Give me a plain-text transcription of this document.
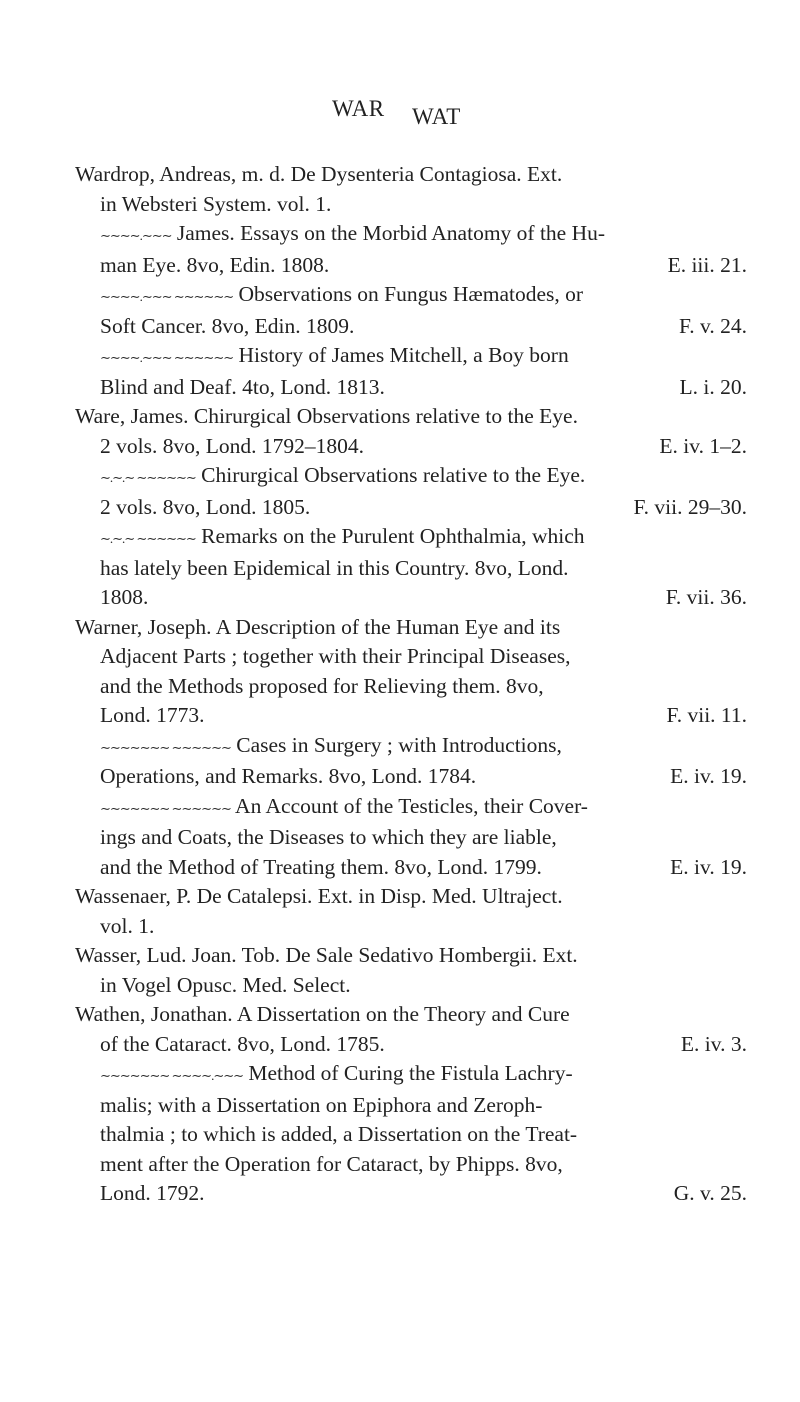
WAR WAT
Wardrop, Andreas, m. d. De Dysenteria Contagiosa. Ext.
in Websteri System. vol. 1.
∼∼∼∼.∼∼∼ James. Essays on the Morbid Anatomy of the Hu-
man Eye. 8vo, Edin. 1808.	E. iii. 21.
∼∼∼∼.∼∼∼ ∼∼∼∼∼∼ Observations on Fungus Hæmatodes, or
Soft Cancer. 8vo, Edin. 1809.	F. v. 24.
∼∼∼∼.∼∼∼ ∼∼∼∼∼∼ History of James Mitchell, a Boy born
Blind and Deaf. 4to, Lond. 1813.	L. i. 20.
Ware, James. Chirurgical Observations relative to the Eye.
2 vols. 8vo, Lond. 1792–1804.	E. iv. 1–2.
∼.∼.∼ ∼∼∼∼∼∼ Chirurgical Observations relative to the Eye.
2 vols. 8vo, Lond. 1805.	F. vii. 29–30.
∼.∼.∼ ∼∼∼∼∼∼ Remarks on the Purulent Ophthalmia, which
has lately been Epidemical in this Country. 8vo, Lond.
1808.	F. vii. 36.
Warner, Joseph. A Description of the Human Eye and its
Adjacent Parts ; together with their Principal Diseases,
and the Methods proposed for Relieving them. 8vo,
Lond. 1773.	F. vii. 11.
∼∼∼∼∼∼∼ ∼∼∼∼∼∼ Cases in Surgery ; with Introductions,
Operations, and Remarks. 8vo, Lond. 1784.	E. iv. 19.
∼∼∼∼∼∼∼ ∼∼∼∼∼∼ An Account of the Testicles, their Cover-
ings and Coats, the Diseases to which they are liable,
and the Method of Treating them. 8vo, Lond. 1799.	E. iv. 19.
Wassenaer, P. De Catalepsi. Ext. in Disp. Med. Ultraject.
vol. 1.
Wasser, Lud. Joan. Tob. De Sale Sedativo Hombergii. Ext.
in Vogel Opusc. Med. Select.
Wathen, Jonathan. A Dissertation on the Theory and Cure
of the Cataract. 8vo, Lond. 1785.	E. iv. 3.
∼∼∼∼∼∼∼ ∼∼∼∼.∼∼∼ Method of Curing the Fistula Lachry-
malis; with a Dissertation on Epiphora and Zeroph-
thalmia ; to which is added, a Dissertation on the Treat-
ment after the Operation for Cataract, by Phipps. 8vo,
Lond. 1792.	G. v. 25.
